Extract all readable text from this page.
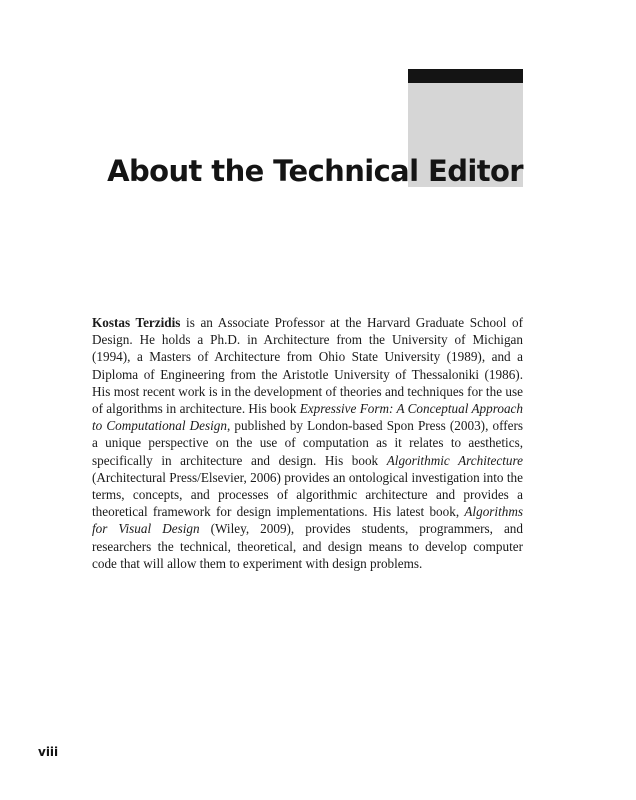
About the Technical Editor

Kostas Terzidis is an Associate Professor at the Harvard Graduate School of Design. He holds a Ph.D. in Architecture from the University of Michigan (1994), a Masters of Architecture from Ohio State University (1989), and a Diploma of Engineering from the Aristotle University of Thessaloniki (1986). His most recent work is in the development of theories and techniques for the use of algorithms in architecture. His book Expressive Form: A Conceptual Approach to Computational Design, published by London-based Spon Press (2003), offers a unique perspective on the use of computation as it relates to aesthetics, specifically in architecture and design. His book Algorithmic Architecture (Architectural Press/Elsevier, 2006) provides an ontological investigation into the terms, concepts, and processes of algorithmic architecture and provides a theoretical framework for design implementations. His latest book, Algorithms for Visual Design (Wiley, 2009), provides students, programmers, and researchers the technical, theoretical, and design means to develop computer code that will allow them to experiment with design problems.

viii
